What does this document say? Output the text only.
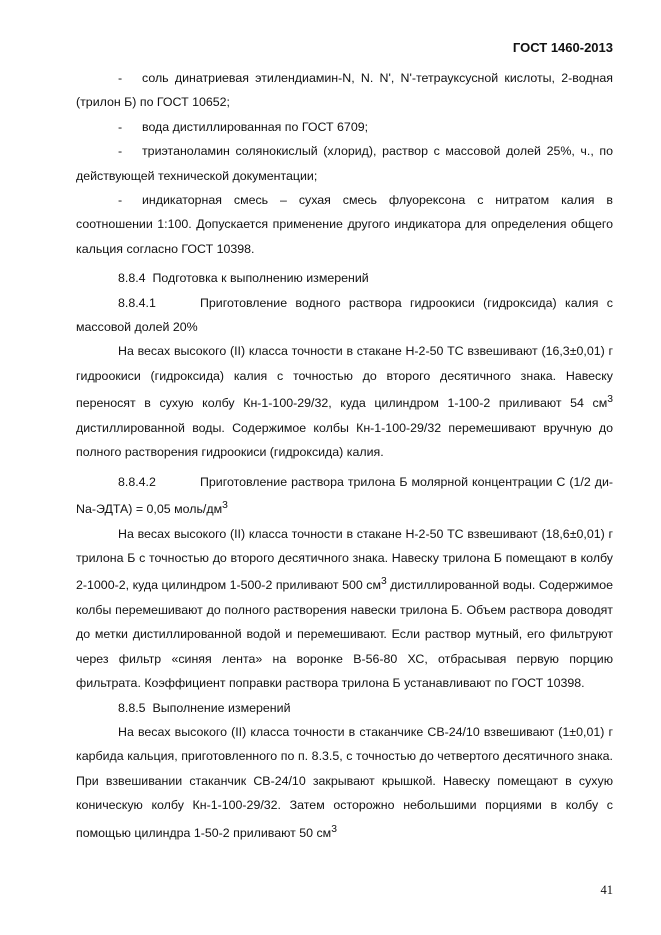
ГОСТ 1460-2013

- соль динатриевая этилендиамин-N, N. N', N'-тетрауксусной кислоты, 2-водная (трилон Б) по ГОСТ 10652;

- вода дистиллированная по ГОСТ 6709;

- триэтаноламин солянокислый (хлорид), раствор с массовой долей 25%, ч., по действующей технической документации;

- индикаторная смесь – сухая смесь флуорексона с нитратом калия в соотношении 1:100. Допускается применение другого индикатора для определения общего кальция согласно ГОСТ 10398.

8.8.4 Подготовка к выполнению измерений

8.8.4.1	Приготовление водного раствора гидроокиси (гидроксида) калия с массовой долей 20%

На весах высокого (II) класса точности в стакане Н-2-50 ТС взвешивают (16,3±0,01) г гидроокиси (гидроксида) калия с точностью до второго десятичного знака. Навеску переносят в сухую колбу Кн-1-100-29/32, куда цилиндром 1-100-2 приливают 54 $см^3$ дистиллированной воды. Содержимое колбы Кн-1-100-29/32 перемешивают вручную до полного растворения гидроокиси (гидроксида) калия.

8.8.4.2	Приготовление раствора трилона Б молярной концентрации С (1/2 ди-Na-ЭДТА) = 0,05 моль/$дм^3$

На весах высокого (II) класса точности в стакане Н-2-50 ТС взвешивают (18,6±0,01) г трилона Б с точностью до второго десятичного знака. Навеску трилона Б помещают в колбу 2-1000-2, куда цилиндром 1-500-2 приливают 500 $см^3$ дистиллированной воды. Содержимое колбы перемешивают до полного растворения навески трилона Б. Объем раствора доводят до метки дистиллированной водой и перемешивают. Если раствор мутный, его фильтруют через фильтр «синяя лента» на воронке В-56-80 ХС, отбрасывая первую порцию фильтрата. Коэффициент поправки раствора трилона Б устанавливают по ГОСТ 10398.

8.8.5 Выполнение измерений

На весах высокого (II) класса точности в стаканчике СВ-24/10 взвешивают (1±0,01) г карбида кальция, приготовленного по п. 8.3.5, с точностью до четвертого десятичного знака. При взвешивании стаканчик СВ-24/10 закрывают крышкой. Навеску помещают в сухую коническую колбу Кн-1-100-29/32. Затем осторожно небольшими порциями в колбу с помощью цилиндра 1-50-2 приливают 50 $см^3$

41
